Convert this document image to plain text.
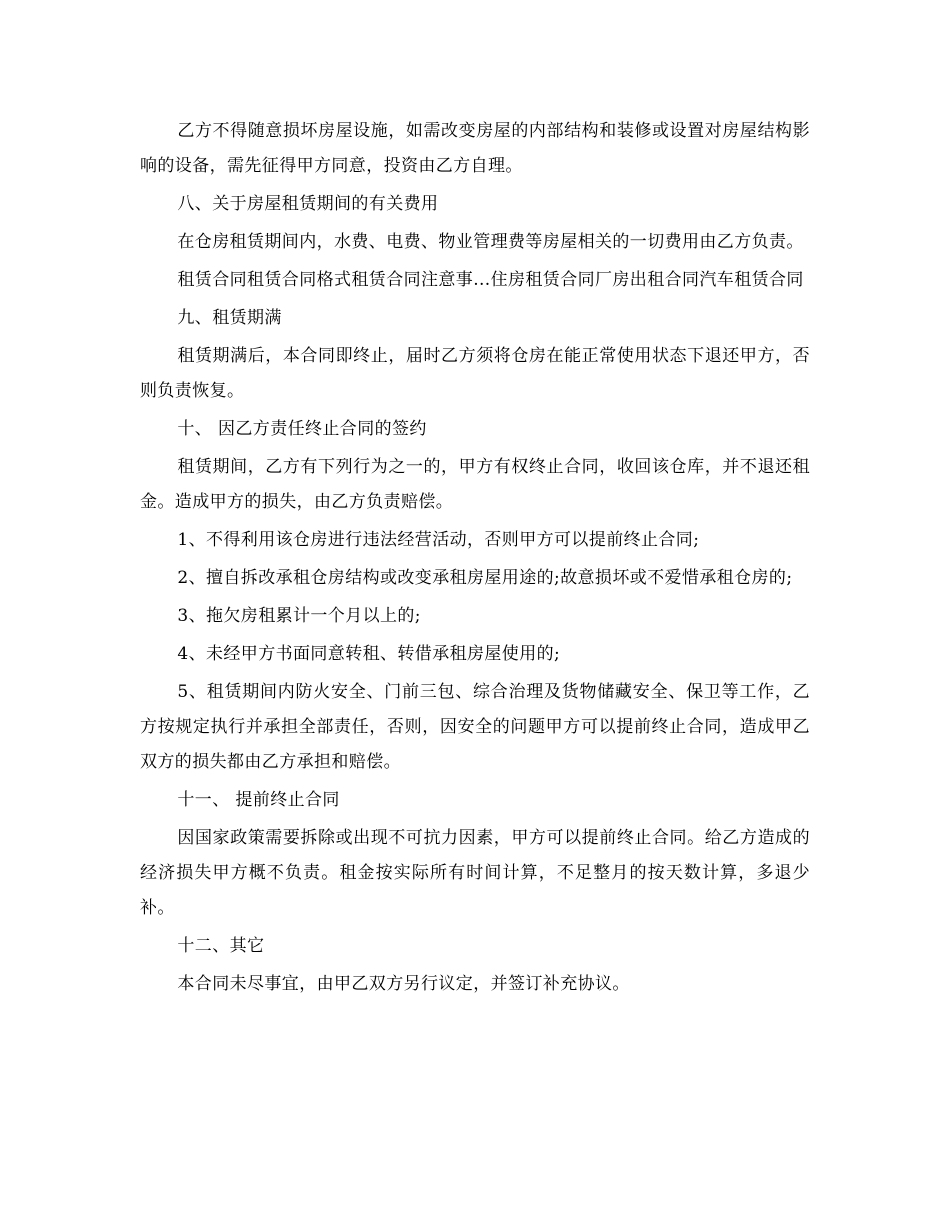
乙方不得随意损坏房屋设施，如需改变房屋的内部结构和装修或设置对房屋结构影响的设备，需先征得甲方同意，投资由乙方自理。

八、关于房屋租赁期间的有关费用

在仓房租赁期间内，水费、电费、物业管理费等房屋相关的一切费用由乙方负责。

租赁合同租赁合同格式租赁合同注意事...住房租赁合同厂房出租合同汽车租赁合同

九、租赁期满

租赁期满后，本合同即终止，届时乙方须将仓房在能正常使用状态下退还甲方，否则负责恢复。

十、 因乙方责任终止合同的签约

租赁期间，乙方有下列行为之一的，甲方有权终止合同，收回该仓库，并不退还租金。造成甲方的损失，由乙方负责赔偿。

1、不得利用该仓房进行违法经营活动，否则甲方可以提前终止合同;

2、擅自拆改承租仓房结构或改变承租房屋用途的;故意损坏或不爱惜承租仓房的;

3、拖欠房租累计一个月以上的;

4、未经甲方书面同意转租、转借承租房屋使用的;

5、租赁期间内防火安全、门前三包、综合治理及货物储藏安全、保卫等工作，乙方按规定执行并承担全部责任，否则，因安全的问题甲方可以提前终止合同，造成甲乙双方的损失都由乙方承担和赔偿。

十一、 提前终止合同

因国家政策需要拆除或出现不可抗力因素，甲方可以提前终止合同。给乙方造成的经济损失甲方概不负责。租金按实际所有时间计算，不足整月的按天数计算，多退少补。

十二、其它

本合同未尽事宜，由甲乙双方另行议定，并签订补充协议。
